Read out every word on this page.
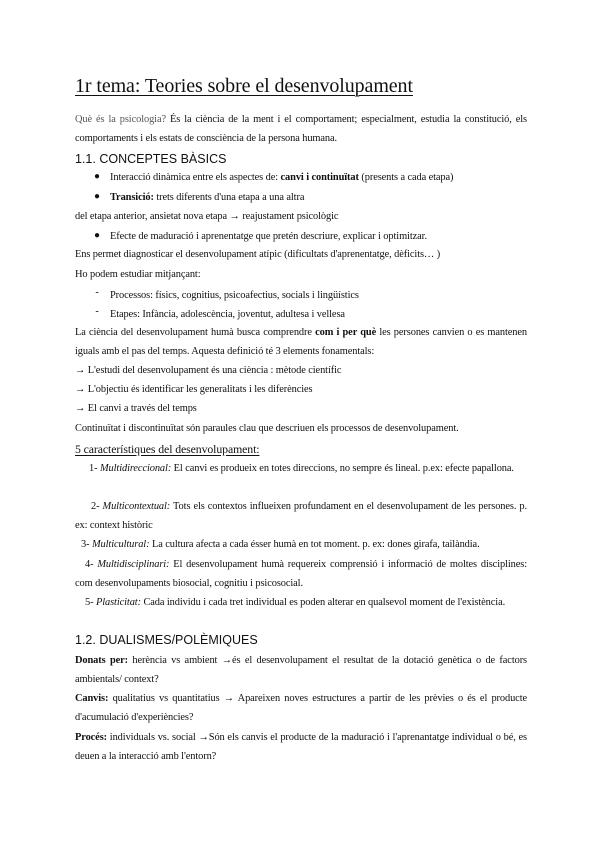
1r tema: Teories sobre el desenvolupament

Què és la psicologia? És la ciència de la ment i el comportament; especialment, estudia la constitució, els comportaments i els estats de consciència de la persona humana.

1.1. CONCEPTES BÀSICS
● Interacció dinàmica entre els aspectes de: canvi i continuïtat (presents a cada etapa)
● Transició: trets diferents d'una etapa a una altra

del etapa anterior, ansietat nova etapa → reajustament psicològic

● Efecte de maduració i aprenentatge que pretén descriure, explicar i optimitzar.

Ens permet diagnosticar el desenvolupament atípic (dificultats d'aprenentatge, dèficits… )

Ho podem estudiar mitjançant:

-	Processos: físics, cognitius, psicoafectius, socials i lingüístics
-	Etapes: Infància, adolescència, joventut, adultesa i vellesa

La ciència del desenvolupament humà busca comprendre com i per què les persones canvien o es mantenen iguals amb el pas del temps. Aquesta definició té 3 elements fonamentals:

→ L'estudi del desenvolupament és una ciència : mètode científic

→ L'objectiu és identificar les generalitats i les diferències

→ El canvi a través del temps

Continuïtat i discontinuïtat són paraules clau que descriuen els processos de desenvolupament.

5 característiques del desenvolupament:

1- Multidireccional: El canvi es produeix en totes direccions, no sempre és lineal. p.ex: efecte papallona.

2- Multicontextual: Tots els contextos influeixen profundament en el desenvolupament de les persones. p. ex: context històric

3- Multicultural: La cultura afecta a cada ésser humà en tot moment. p. ex: dones girafa, tailàndia.

4- Multidisciplinari: El desenvolupament humà requereix comprensió i informació de moltes disciplines: com desenvolupaments biosocial, cognitiu i psicosocial.

5- Plasticitat: Cada individu i cada tret individual es poden alterar en qualsevol moment de l'existència.

1.2. DUALISMES/POLÈMIQUES

Donats per: herència vs ambient →és el desenvolupament el resultat de la dotació genètica o de factors ambientals/ context?

Canvis: qualitatius vs quantitatius → Apareixen noves estructures a partir de les prèvies o és el producte d'acumulació d'experiències?

Procés: individuals vs. social →Són els canvis el producte de la maduració i l'aprenantatge individual o bé, es deuen a la interacció amb l'entorn?
